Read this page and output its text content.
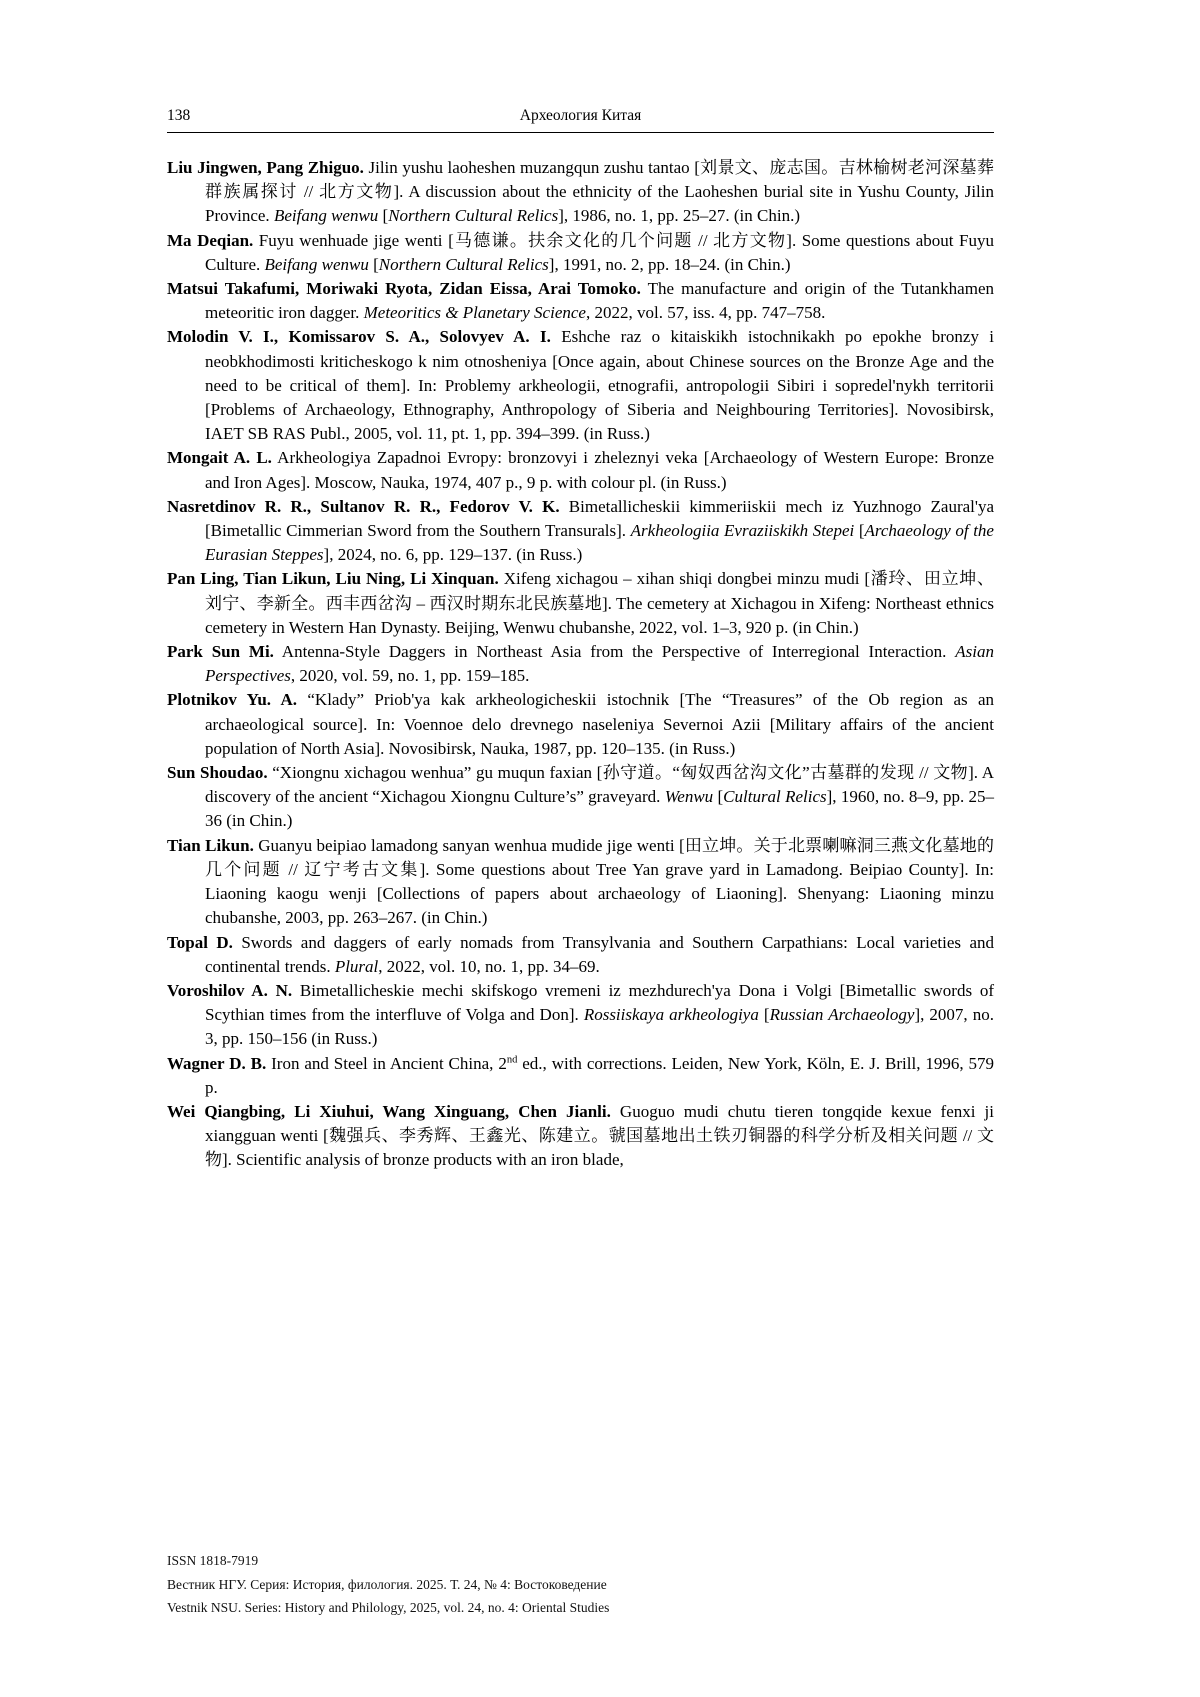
138	Археология Китая

Liu Jingwen, Pang Zhiguo. Jilin yushu laoheshen muzangqun zushu tantao [刘景文、庞志国。吉林榆树老河深墓葬群族属探讨 // 北方文物]. A discussion about the ethnicity of the Laoheshen burial site in Yushu County, Jilin Province. Beifang wenwu [Northern Cultural Relics], 1986, no. 1, pp. 25–27. (in Chin.)

Ma Deqian. Fuyu wenhuade jige wenti [马德谦。扶余文化的几个问题 // 北方文物]. Some questions about Fuyu Culture. Beifang wenwu [Northern Cultural Relics], 1991, no. 2, pp. 18–24. (in Chin.)

Matsui Takafumi, Moriwaki Ryota, Zidan Eissa, Arai Tomoko. The manufacture and origin of the Tutankhamen meteoritic iron dagger. Meteoritics & Planetary Science, 2022, vol. 57, iss. 4, pp. 747–758.

Molodin V. I., Komissarov S. A., Solovyev A. I. Eshche raz o kitaiskikh istochnikakh po epokhe bronzy i neobkhodimosti kriticheskogo k nim otnosheniya [Once again, about Chinese sources on the Bronze Age and the need to be critical of them]. In: Problemy arkheologii, etnografii, antropologii Sibiri i sopredel'nykh territorii [Problems of Archaeology, Ethnography, Anthropology of Siberia and Neighbouring Territories]. Novosibirsk, IAET SB RAS Publ., 2005, vol. 11, pt. 1, pp. 394–399. (in Russ.)

Mongait A. L. Arkheologiya Zapadnoi Evropy: bronzovyi i zheleznyi veka [Archaeology of Western Europe: Bronze and Iron Ages]. Moscow, Nauka, 1974, 407 p., 9 p. with colour pl. (in Russ.)

Nasretdinov R. R., Sultanov R. R., Fedorov V. K. Bimetallicheskii kimmeriiskii mech iz Yuzhnogo Zaural'ya [Bimetallic Cimmerian Sword from the Southern Transurals]. Arkheologiia Evraziiskikh Stepei [Archaeology of the Eurasian Steppes], 2024, no. 6, pp. 129–137. (in Russ.)

Pan Ling, Tian Likun, Liu Ning, Li Xinquan. Xifeng xichagou – xihan shiqi dongbei minzu mudi [潘玲、田立坤、刘宁、李新全。西丰西岔沟 – 西汉时期东北民族墓地]. The cemetery at Xichagou in Xifeng: Northeast ethnics cemetery in Western Han Dynasty. Beijing, Wenwu chubanshe, 2022, vol. 1–3, 920 p. (in Chin.)

Park Sun Mi. Antenna-Style Daggers in Northeast Asia from the Perspective of Interregional Interaction. Asian Perspectives, 2020, vol. 59, no. 1, pp. 159–185.

Plotnikov Yu. A. “Klady” Priob'ya kak arkheologicheskii istochnik [The “Treasures” of the Ob region as an archaeological source]. In: Voennoe delo drevnego naseleniya Severnoi Azii [Military affairs of the ancient population of North Asia]. Novosibirsk, Nauka, 1987, pp. 120–135. (in Russ.)

Sun Shoudao. “Xiongnu xichagou wenhua” gu muqun faxian [孙守道。“匈奴西岔沟文化”古墓群的发现 // 文物]. A discovery of the ancient “Xichagou Xiongnu Culture’s” graveyard. Wenwu [Cultural Relics], 1960, no. 8–9, pp. 25–36 (in Chin.)

Tian Likun. Guanyu beipiao lamadong sanyan wenhua mudide jige wenti [田立坤。关于北票喇嘛洞三燕文化墓地的几个问题 // 辽宁考古文集]. Some questions about Tree Yan grave yard in Lamadong. Beipiao County]. In: Liaoning kaogu wenji [Collections of papers about archaeology of Liaoning]. Shenyang: Liaoning minzu chubanshe, 2003, pp. 263–267. (in Chin.)

Topal D. Swords and daggers of early nomads from Transylvania and Southern Carpathians: Local varieties and continental trends. Plural, 2022, vol. 10, no. 1, pp. 34–69.

Voroshilov A. N. Bimetallicheskie mechi skifskogo vremeni iz mezhdurech'ya Dona i Volgi [Bimetallic swords of Scythian times from the interfluve of Volga and Don]. Rossiiskaya arkheologiya [Russian Archaeology], 2007, no. 3, pp. 150–156 (in Russ.)

Wagner D. B. Iron and Steel in Ancient China, 2nd ed., with corrections. Leiden, New York, Köln, E. J. Brill, 1996, 579 p.

Wei Qiangbing, Li Xiuhui, Wang Xinguang, Chen Jianli. Guoguo mudi chutu tieren tongqide kexue fenxi ji xiangguan wenti [魏强兵、李秀辉、王鑫光、陈建立。虢国墓地出土铁刃铜器的科学分析及相关问题 // 文物]. Scientific analysis of bronze products with an iron blade,

ISSN 1818-7919
Вестник НГУ. Серия: История, филология. 2025. Т. 24, № 4: Востоковедение
Vestnik NSU. Series: History and Philology, 2025, vol. 24, no. 4: Oriental Studies
